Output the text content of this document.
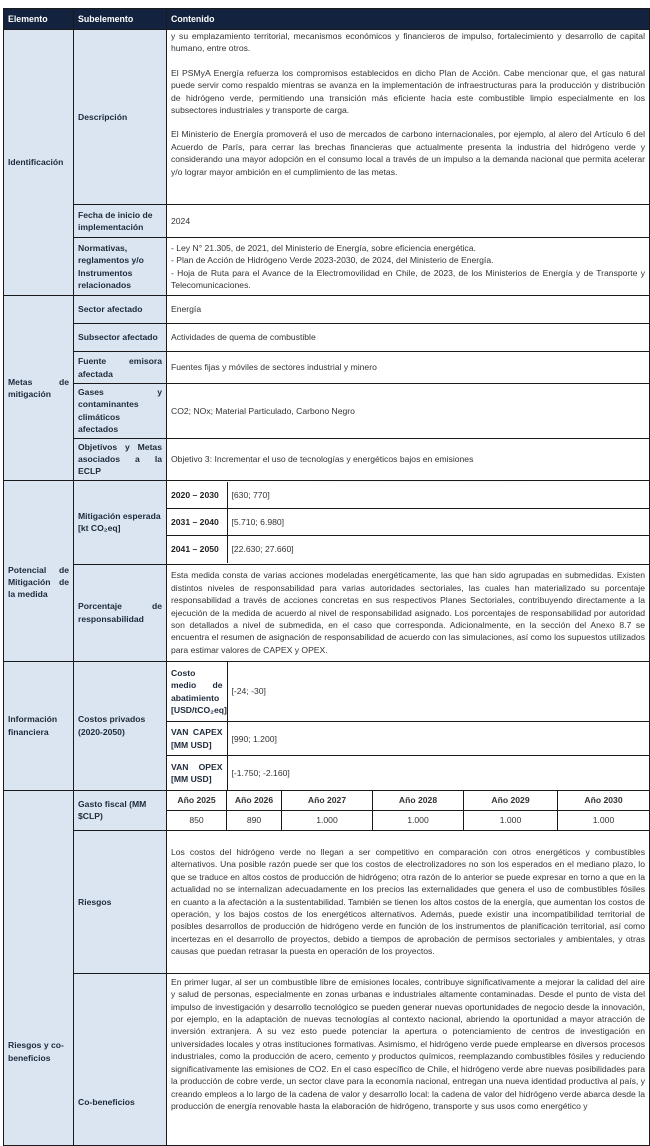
Elemento	Subelemento	Contenido
Identificación	Descripción	

y su emplazamiento territorial, mecanismos económicos y financieros de impulso, fortalecimiento y desarrollo de capital humano, entre otros.

El PSMyA Energía refuerza los compromisos establecidos en dicho Plan de Acción. Cabe mencionar que, el gas natural puede servir como respaldo mientras se avanza en la implementación de infraestructuras para la producción y distribución de hidrógeno verde, permitiendo una transición más eficiente hacia este combustible limpio especialmente en los subsectores industriales y transporte de carga.

El Ministerio de Energía promoverá el uso de mercados de carbono internacionales, por ejemplo, al alero del Artículo 6 del Acuerdo de París, para cerrar las brechas financieras que actualmente presenta la industria del hidrógeno verde y considerando una mayor adopción en el consumo local a través de un impulso a la demanda nacional que permita acelerar y/o lograr mayor ambición en el cumplimiento de las metas.

Fecha de inicio de implementación	2024
Normativas, reglamentos y/o Instrumentos relacionados	
- Ley N° 21.305, de 2021, del Ministerio de Energía, sobre eficiencia energética.
- Plan de Acción de Hidrógeno Verde 2023-2030, de 2024, del Ministerio de Energía.
- Hoja de Ruta para el Avance de la Electromovilidad en Chile, de 2023, de los Ministerios de Energía y de Transporte y Telecomunicaciones.

Metas de mitigación	Sector afectado	Energía
Subsector afectado	Actividades de quema de combustible
Fuente emisora afectada	Fuentes fijas y móviles de sectores industrial y minero
Gases y contaminantes climáticos afectados	CO2; NOx; Material Particulado, Carbono Negro
Objetivos y Metas asociados a la ECLP	Objetivo 3: Incrementar el uso de tecnologías y energéticos bajos en emisiones
Potencial de Mitigación de la medida	Mitigación esperada [kt CO₂eq]	
2020 – 2030	[630; 770]
2031 – 2040	[5.710; 6.980]
2041 – 2050	[22.630; 27.660]

Porcentaje de responsabilidad	Esta medida consta de varias acciones modeladas energéticamente, las que han sido agrupadas en submedidas. Existen distintos niveles de responsabilidad para varias autoridades sectoriales, las cuales han materializado su porcentaje responsabilidad a través de acciones concretas en sus respectivos Planes Sectoriales, contribuyendo directamente a la ejecución de la medida de acuerdo al nivel de responsabilidad asignado. Los porcentajes de responsabilidad por autoridad son detallados a nivel de submedida, en el caso que corresponda. Adicionalmente, en la sección del Anexo 8.7 se encuentra el resumen de asignación de responsabilidad de acuerdo con las simulaciones, así como los supuestos utilizados para estimar valores de CAPEX y OPEX.
Información financiera	Costos privados (2020-2050)	
Costo medio de abatimiento [USD/tCO₂eq]	[-24; -30]
VAN CAPEX [MM USD]	[990; 1.200]
VAN OPEX [MM USD]	[-1.750; -2.160]

Riesgos y co-beneficios	Gasto fiscal (MM $CLP)	Año 2025	Año 2026	Año 2027	Año 2028	Año 2029	Año 2030
850	890	1.000	1.000	1.000	1.000
Riesgos	Los costos del hidrógeno verde no llegan a ser competitivo en comparación con otros energéticos y combustibles alternativos. Una posible razón puede ser que los costos de electrolizadores no son los esperados en el mediano plazo, lo que se traduce en altos costos de producción de hidrógeno; otra razón de lo anterior se puede expresar en torno a que en la actualidad no se internalizan adecuadamente en los precios las externalidades que genera el uso de combustibles fósiles en cuanto a la afectación a la sustentabilidad. También se tienen los altos costos de la energía, que aumentan los costos de operación, y los bajos costos de los energéticos alternativos. Además, puede existir una incompatibilidad territorial de posibles desarrollos de producción de hidrógeno verde en función de los instrumentos de planificación territorial, así como incertezas en el desarrollo de proyectos, debido a tiempos de aprobación de permisos sectoriales y ambientales, y otras causas que puedan retrasar la puesta en operación de los proyectos.
Co-beneficios	En primer lugar, al ser un combustible libre de emisiones locales, contribuye significativamente a mejorar la calidad del aire y salud de personas, especialmente en zonas urbanas e industriales altamente contaminadas. Desde el punto de vista del impulso de investigación y desarrollo tecnológico se pueden generar nuevas oportunidades de negocio desde la innovación, por ejemplo, en la adaptación de nuevas tecnologías al contexto nacional, abriendo la oportunidad a mayor atracción de inversión extranjera. A su vez esto puede potenciar la apertura o potenciamiento de centros de investigación en universidades locales y otras instituciones formativas. Asimismo, el hidrógeno verde puede emplearse en diversos procesos industriales, como la producción de acero, cemento y productos químicos, reemplazando combustibles fósiles y reduciendo significativamente las emisiones de CO2. En el caso específico de Chile, el hidrógeno verde abre nuevas posibilidades para la producción de cobre verde, un sector clave para la economía nacional, entregan una nueva identidad productiva al país, y creando empleos a lo largo de la cadena de valor y desarrollo local: la cadena de valor del hidrógeno verde abarca desde la producción de energía renovable hasta la elaboración de hidrógeno, transporte y sus usos como energético y
